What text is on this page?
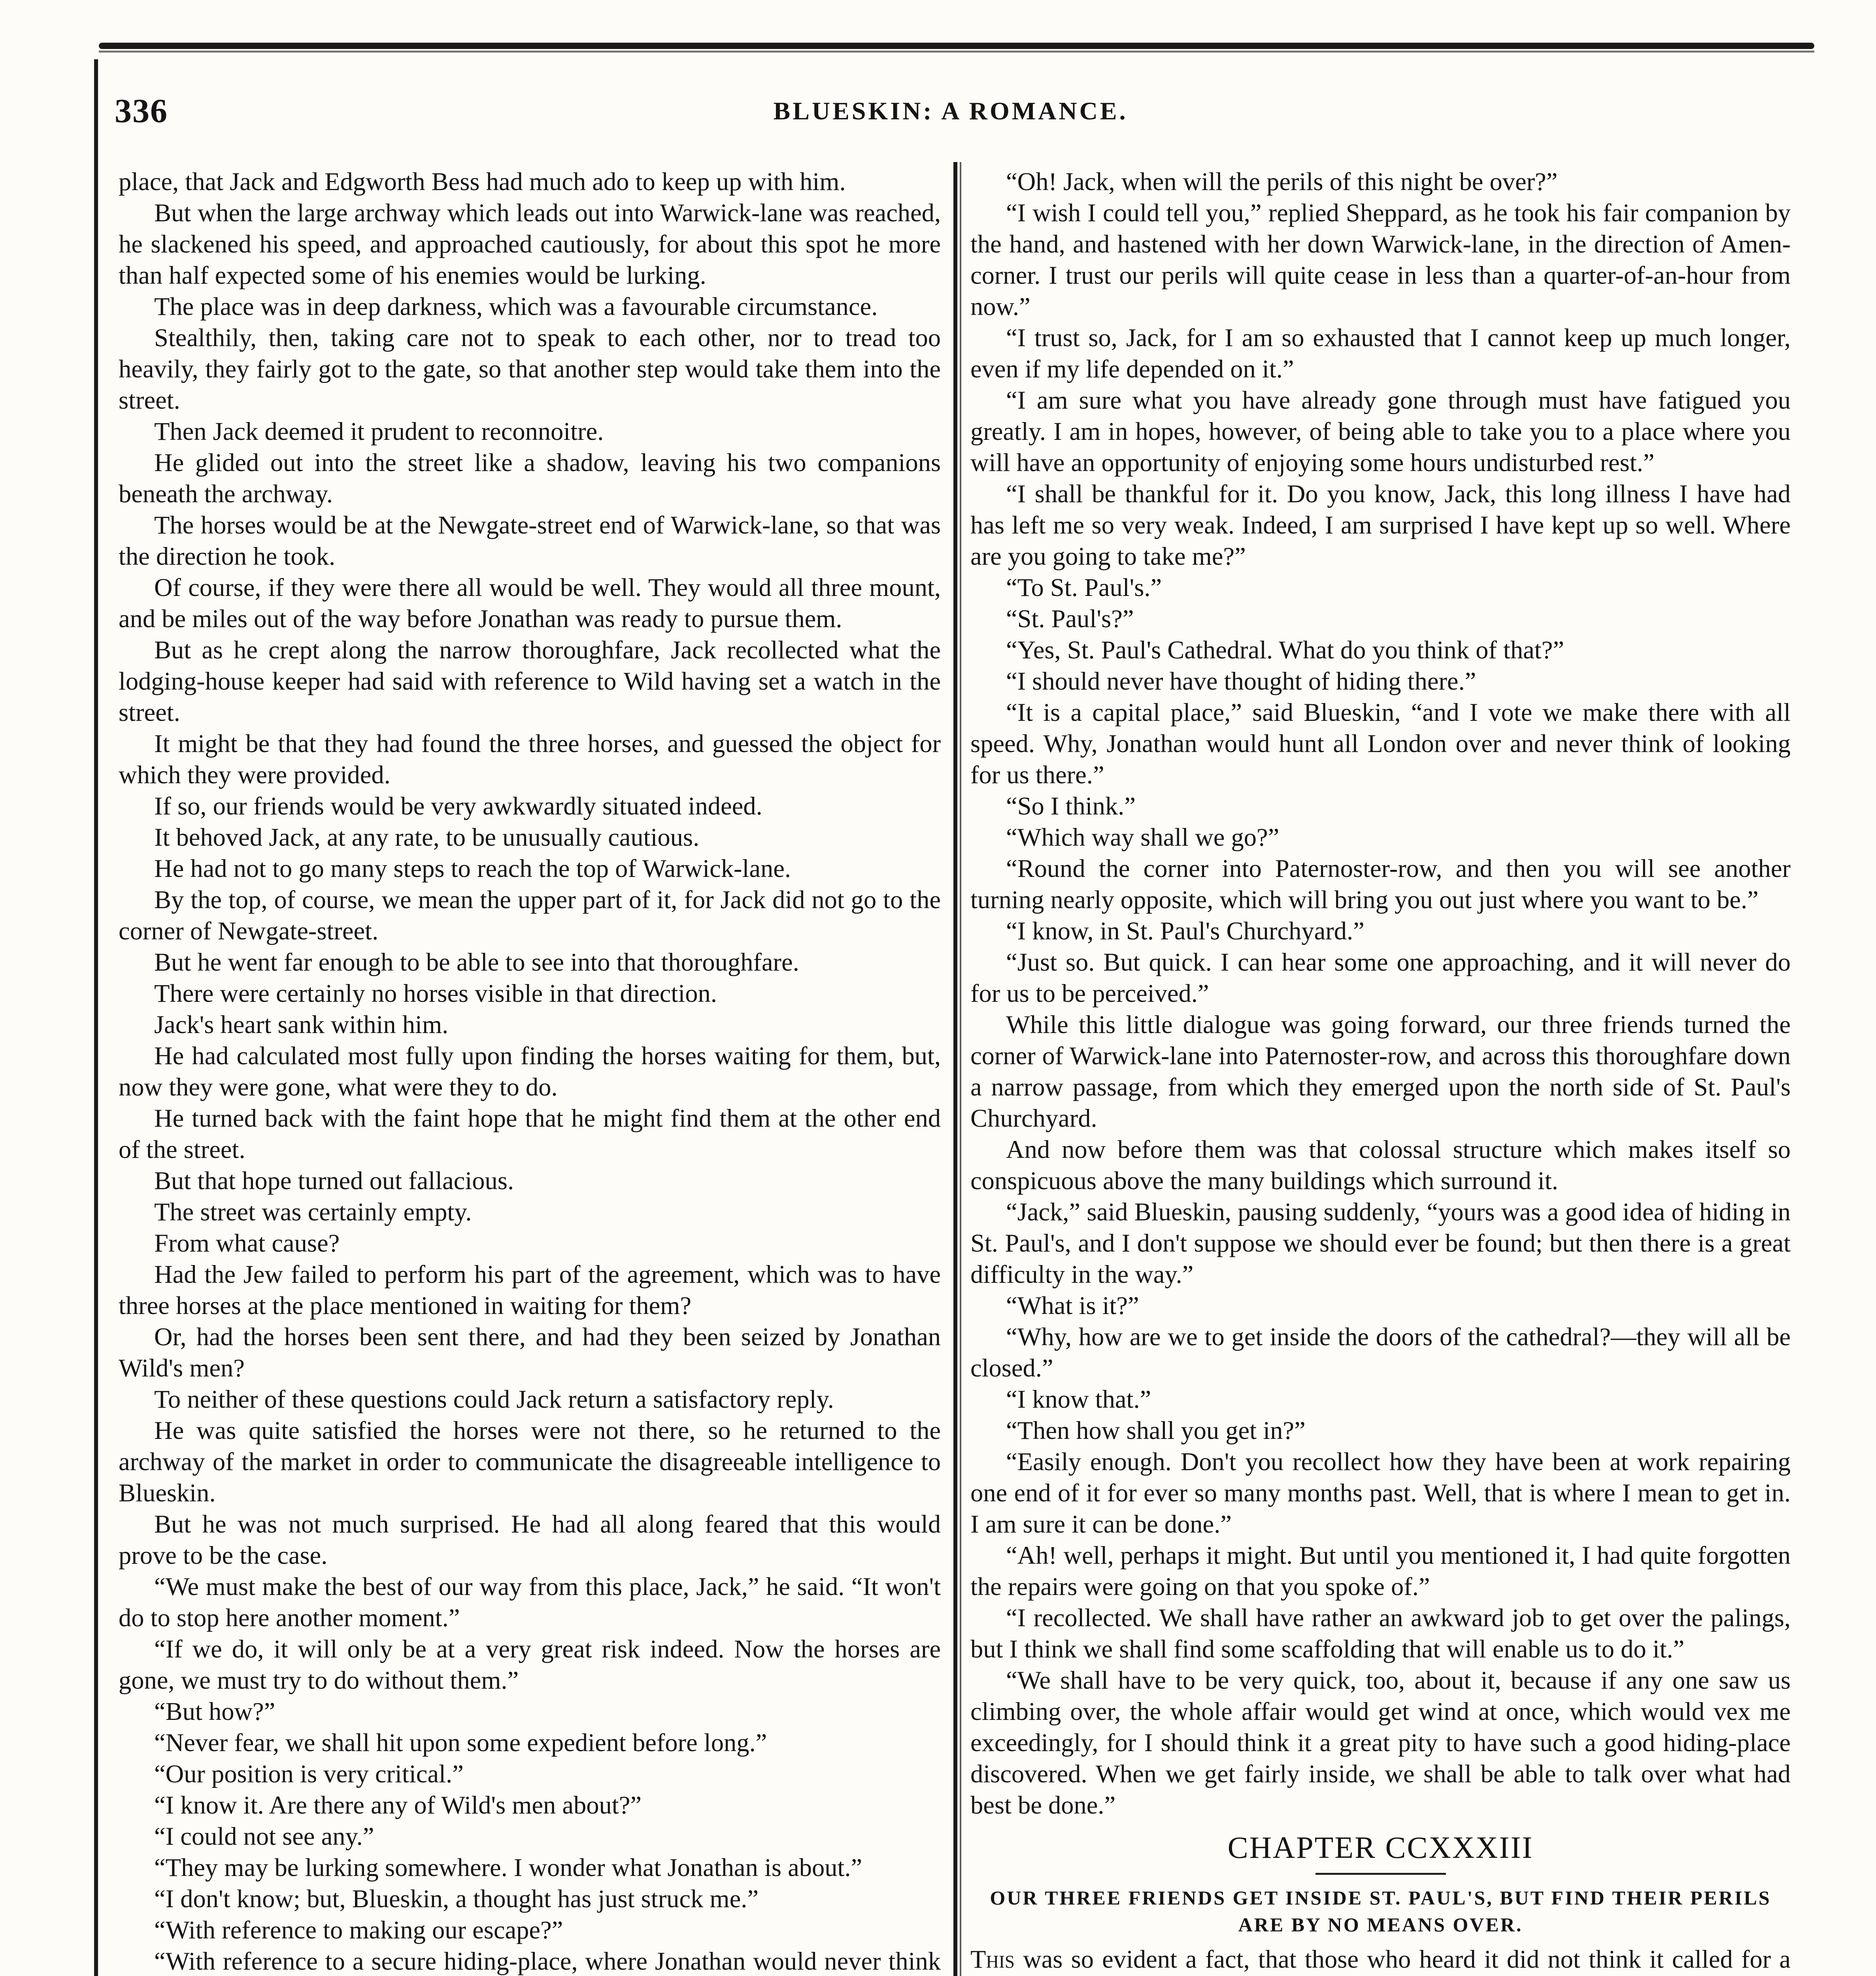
336	BLUESKIN: A ROMANCE.

place, that Jack and Edgworth Bess had much ado to keep up with him.

But when the large archway which leads out into Warwick-lane was reached, he slackened his speed, and approached cautiously, for about this spot he more than half expected some of his enemies would be lurking.

The place was in deep darkness, which was a favourable circumstance.

Stealthily, then, taking care not to speak to each other, nor to tread too heavily, they fairly got to the gate, so that another step would take them into the street.

Then Jack deemed it prudent to reconnoitre.

He glided out into the street like a shadow, leaving his two companions beneath the archway.

The horses would be at the Newgate-street end of Warwick-lane, so that was the direction he took.

Of course, if they were there all would be well. They would all three mount, and be miles out of the way before Jonathan was ready to pursue them.

But as he crept along the narrow thoroughfare, Jack recollected what the lodging-house keeper had said with reference to Wild having set a watch in the street.

It might be that they had found the three horses, and guessed the object for which they were provided.

If so, our friends would be very awkwardly situated indeed.

It behoved Jack, at any rate, to be unusually cautious.

He had not to go many steps to reach the top of Warwick-lane.

By the top, of course, we mean the upper part of it, for Jack did not go to the corner of Newgate-street.

But he went far enough to be able to see into that thoroughfare.

There were certainly no horses visible in that direction.

Jack's heart sank within him.

He had calculated most fully upon finding the horses waiting for them, but, now they were gone, what were they to do.

He turned back with the faint hope that he might find them at the other end of the street.

But that hope turned out fallacious.

The street was certainly empty.

From what cause?

Had the Jew failed to perform his part of the agreement, which was to have three horses at the place mentioned in waiting for them?

Or, had the horses been sent there, and had they been seized by Jonathan Wild's men?

To neither of these questions could Jack return a satisfactory reply.

He was quite satisfied the horses were not there, so he returned to the archway of the market in order to communicate the disagreeable intelligence to Blueskin.

But he was not much surprised. He had all along feared that this would prove to be the case.

“We must make the best of our way from this place, Jack,” he said. “It won't do to stop here another moment.”

“If we do, it will only be at a very great risk indeed. Now the horses are gone, we must try to do without them.”

“But how?”

“Never fear, we shall hit upon some expedient before long.”

“Our position is very critical.”

“I know it. Are there any of Wild's men about?”

“I could not see any.”

“They may be lurking somewhere. I wonder what Jonathan is about.”

“I don't know; but, Blueskin, a thought has just struck me.”

“With reference to making our escape?”

“With reference to a secure hiding-place, where Jonathan would never think

“Oh! Jack, when will the perils of this night be over?”

“I wish I could tell you,” replied Sheppard, as he took his fair companion by the hand, and hastened with her down Warwick-lane, in the direction of Amen-corner. I trust our perils will quite cease in less than a quarter-of-an-hour from now.”

“I trust so, Jack, for I am so exhausted that I cannot keep up much longer, even if my life depended on it.”

“I am sure what you have already gone through must have fatigued you greatly. I am in hopes, however, of being able to take you to a place where you will have an opportunity of enjoying some hours undisturbed rest.”

“I shall be thankful for it. Do you know, Jack, this long illness I have had has left me so very weak. Indeed, I am surprised I have kept up so well. Where are you going to take me?”

“To St. Paul's.”

“St. Paul's?”

“Yes, St. Paul's Cathedral. What do you think of that?”

“I should never have thought of hiding there.”

“It is a capital place,” said Blueskin, “and I vote we make there with all speed. Why, Jonathan would hunt all London over and never think of looking for us there.”

“So I think.”

“Which way shall we go?”

“Round the corner into Paternoster-row, and then you will see another turning nearly opposite, which will bring you out just where you want to be.”

“I know, in St. Paul's Churchyard.”

“Just so. But quick. I can hear some one approaching, and it will never do for us to be perceived.”

While this little dialogue was going forward, our three friends turned the corner of Warwick-lane into Paternoster-row, and across this thoroughfare down a narrow passage, from which they emerged upon the north side of St. Paul's Churchyard.

And now before them was that colossal structure which makes itself so conspicuous above the many buildings which surround it.

“Jack,” said Blueskin, pausing suddenly, “yours was a good idea of hiding in St. Paul's, and I don't suppose we should ever be found; but then there is a great difficulty in the way.”

“What is it?”

“Why, how are we to get inside the doors of the cathedral?—they will all be closed.”

“I know that.”

“Then how shall you get in?”

“Easily enough. Don't you recollect how they have been at work repairing one end of it for ever so many months past. Well, that is where I mean to get in. I am sure it can be done.”

“Ah! well, perhaps it might. But until you mentioned it, I had quite forgotten the repairs were going on that you spoke of.”

“I recollected. We shall have rather an awkward job to get over the palings, but I think we shall find some scaffolding that will enable us to do it.”

“We shall have to be very quick, too, about it, because if any one saw us climbing over, the whole affair would get wind at once, which would vex me exceedingly, for I should think it a great pity to have such a good hiding-place discovered. When we get fairly inside, we shall be able to talk over what had best be done.”

CHAPTER CCXXXIII
OUR THREE FRIENDS GET INSIDE ST. PAUL'S, BUT FIND THEIR PERILS ARE BY NO MEANS OVER.

This was so evident a fact, that those who heard it did not think it called for a
